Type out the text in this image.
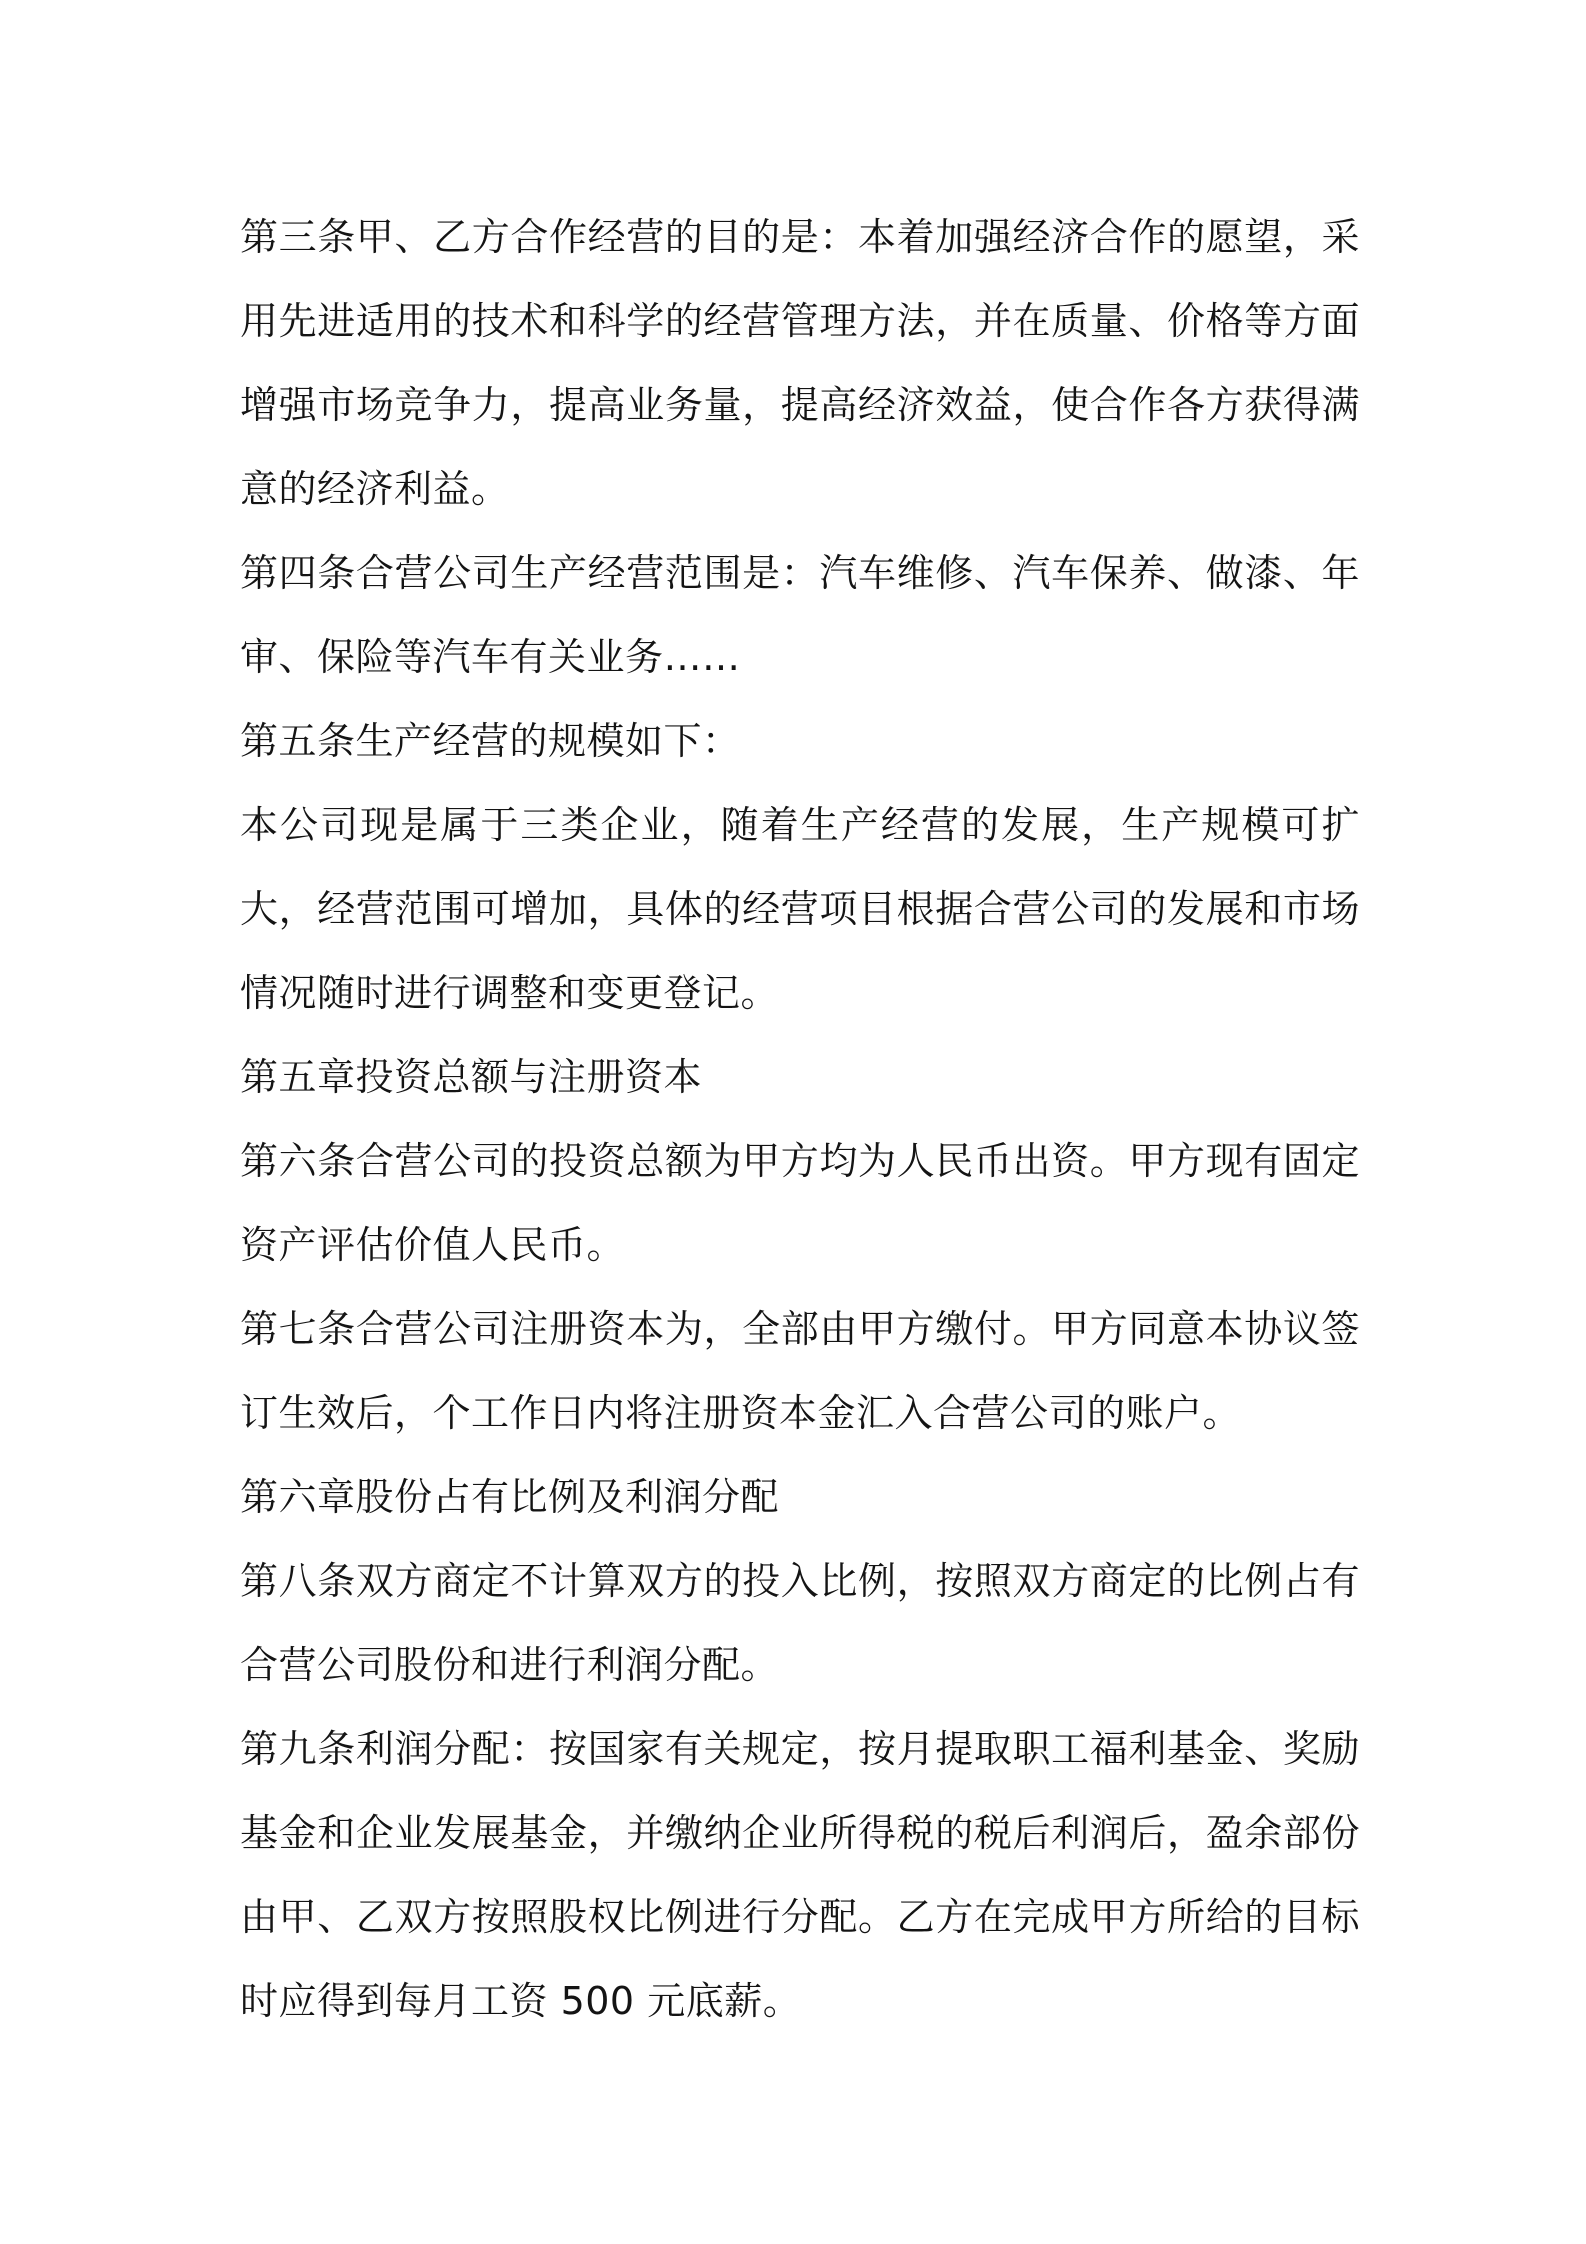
第三条甲、乙方合作经营的目的是：本着加强经济合作的愿望，采用先进适用的技术和科学的经营管理方法，并在质量、价格等方面增强市场竞争力，提高业务量，提高经济效益，使合作各方获得满意的经济利益。

第四条合营公司生产经营范围是：汽车维修、汽车保养、做漆、年审、保险等汽车有关业务……

第五条生产经营的规模如下：

本公司现是属于三类企业，随着生产经营的发展，生产规模可扩大，经营范围可增加，具体的经营项目根据合营公司的发展和市场情况随时进行调整和变更登记。

第五章投资总额与注册资本

第六条合营公司的投资总额为甲方均为人民币出资。甲方现有固定资产评估价值人民币。

第七条合营公司注册资本为，全部由甲方缴付。甲方同意本协议签订生效后，个工作日内将注册资本金汇入合营公司的账户。

第六章股份占有比例及利润分配

第八条双方商定不计算双方的投入比例，按照双方商定的比例占有合营公司股份和进行利润分配。

第九条利润分配：按国家有关规定，按月提取职工福利基金、奖励基金和企业发展基金，并缴纳企业所得税的税后利润后，盈余部份由甲、乙双方按照股权比例进行分配。乙方在完成甲方所给的目标时应得到每月工资 500 元底薪。
